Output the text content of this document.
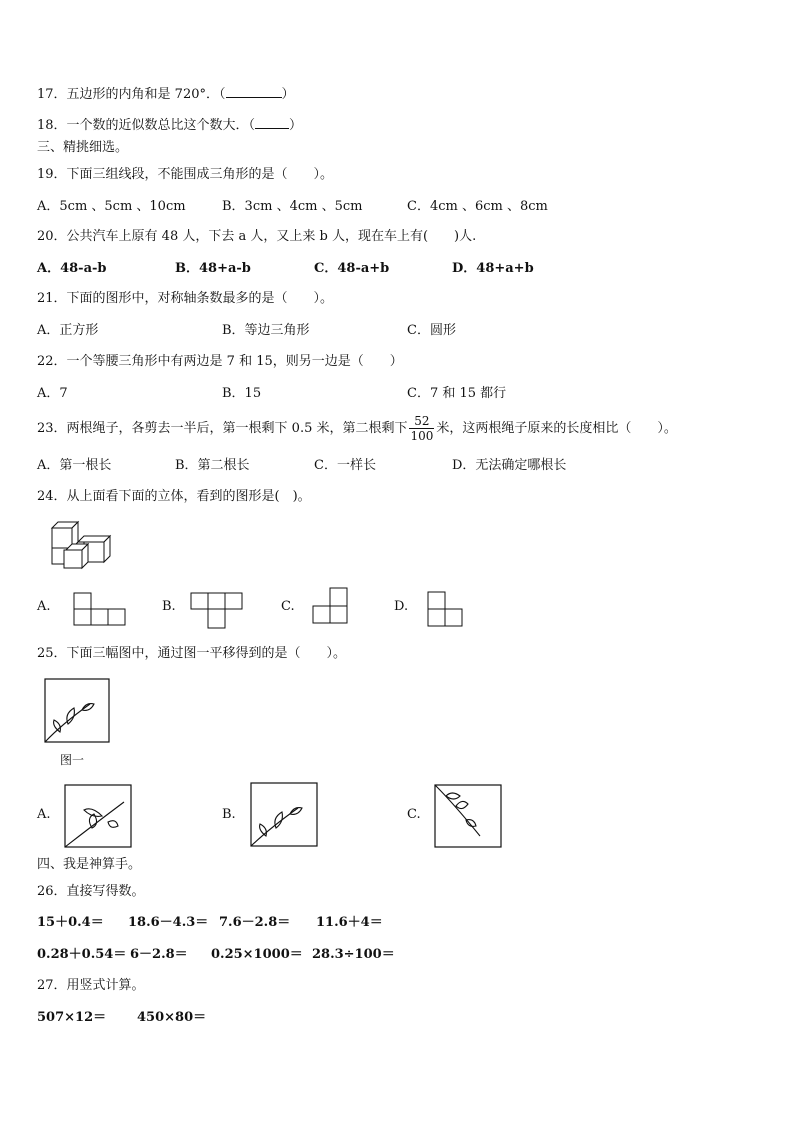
17．五边形的内角和是 720°．（	）
18．一个数的近似数总比这个数大．（	）
三、精挑细选。
19．下面三组线段，不能围成三角形的是（　　）。
A．5cm 、5cm 、10cm	B．3cm 、4cm 、5cm	C．4cm 、6cm 、8cm
20．公共汽车上原有 48 人，下去 a 人，又上来 b 人，现在车上有(　　)人.
A．48-a-b	B．48+a-b	C．48-a+b	D．48+a+b
21．下面的图形中，对称轴条数最多的是（　　）。
A．正方形	B．等边三角形	C．圆形
22．一个等腰三角形中有两边是 7 和 15，则另一边是（　　）
A．7	B．15	C．7 和 15 都行
23．两根绳子，各剪去一半后，第一根剩下 0.5 米，第二根剩下 $\frac{52}{100}$ 米，这两根绳子原来的长度相比（　　）。
A．第一根长	B．第二根长	C．一样长	D．无法确定哪根长
24．从上面看下面的立体，看到的图形是(　)。
A.	B.	C.	D.
25．下面三幅图中，通过图一平移得到的是（　　）。
图一
A.	B.	C.
四、我是神算手。
26．直接写得数。
15＋0.4＝ 18.6－4.3＝ 7.6－2.8＝ 11.6＋4＝
0.28＋0.54＝ 6－2.8＝ 0.25×1000＝ 28.3÷100＝
27．用竖式计算。
507×12＝ 450×80＝
